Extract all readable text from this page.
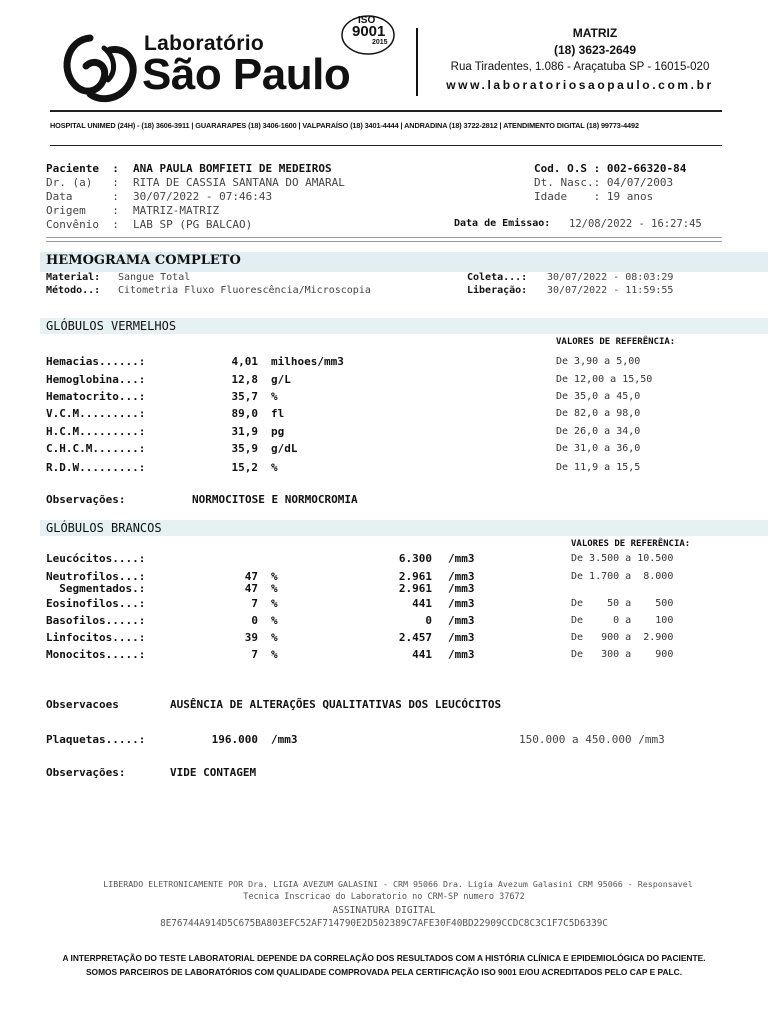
Laboratório
São Paulo
ISO
9001
2015
MATRIZ
(18) 3623-2649
Rua Tiradentes, 1.086 - Araçatuba SP - 16015-020
www.laboratoriosaopaulo.com.br
HOSPITAL UNIMED (24H) - (18) 3606-3911 | GUARARAPES (18) 3406-1600 | VALPARAÍSO (18) 3401-4444 | ANDRADINA (18) 3722-2812 | ATENDIMENTO DIGITAL (18) 99773-4492
Paciente  : ANA PAULA BOMFIETI DE MEDEIROS
Dr. (a)   : RITA DE CASSIA SANTANA DO AMARAL
Data      : 30/07/2022 - 07:46:43
Origem    : MATRIZ-MATRIZ
Convênio  : LAB SP (PG BALCAO)
Cod. O.S : 002-66320-84
Dt. Nasc.: 04/07/2003
Idade    : 19 anos
Data de Emissao: 12/08/2022 - 16:27:45
HEMOGRAMA COMPLETO
Material: Sangue Total
Método..: Citometria Fluxo Fluorescência/Microscopia
Coleta...: 30/07/2022 - 08:03:29
Liberação: 30/07/2022 - 11:59:55
GLÓBULOS VERMELHOS
VALORES DE REFERÊNCIA:
Hemacias......:	4,01 milhoes/mm3	De 3,90 a 5,00
Hemoglobina...:	12,8 g/L	De 12,00 a 15,50
Hematocrito...:	35,7 %	De 35,0 a 45,0
V.C.M.........:	89,0 fl	De 82,0 a 98,0
H.C.M.........:	31,9 pg	De 26,0 a 34,0
C.H.C.M.......:	35,9 g/dL	De 31,0 a 36,0
R.D.W.........:	15,2 %	De 11,9 a 15,5
Observações:	NORMOCITOSE E NORMOCROMIA
GLÓBULOS BRANCOS
VALORES DE REFERÊNCIA:
Leucócitos....:	6.300 /mm3	De 3.500 a 10.500
Neutrofilos...:	47 %	2.961 /mm3	De 1.700 a  8.000
Segmentados.:	47 %	2.961 /mm3
Eosinofilos...:	7 %	441 /mm3	De    50 a    500
Basofilos.....:	0 %	0 /mm3	De     0 a    100
Linfocitos....:	39 %	2.457 /mm3	De   900 a  2.900
Monocitos.....:	7 %	441 /mm3	De   300 a    900
Observacoes	AUSÊNCIA DE ALTERAÇÕES QUALITATIVAS DOS LEUCÓCITOS
Plaquetas.....:	196.000 /mm3	150.000 a 450.000 /mm3
Observações:	VIDE CONTAGEM
LIBERADO ELETRONICAMENTE POR Dra. LIGIA AVEZUM GALASINI - CRM 95066 Dra. Ligia Avezum Galasini CRM 95066 - Responsavel
Tecnica Inscricao do Laboratorio no CRM-SP numero 37672
ASSINATURA DIGITAL
8E76744A914D5C675BA803EFC52AF714790E2D502389C7AFE30F40BD22909CCDC8C3C1F7C5D6339C
A INTERPRETAÇÃO DO TESTE LABORATORIAL DEPENDE DA CORRELAÇÃO DOS RESULTADOS COM A HISTÓRIA CLÍNICA E EPIDEMIOLÓGICA DO PACIENTE.
SOMOS PARCEIROS DE LABORATÓRIOS COM QUALIDADE COMPROVADA PELA CERTIFICAÇÃO ISO 9001 E/OU ACREDITADOS PELO CAP E PALC.
